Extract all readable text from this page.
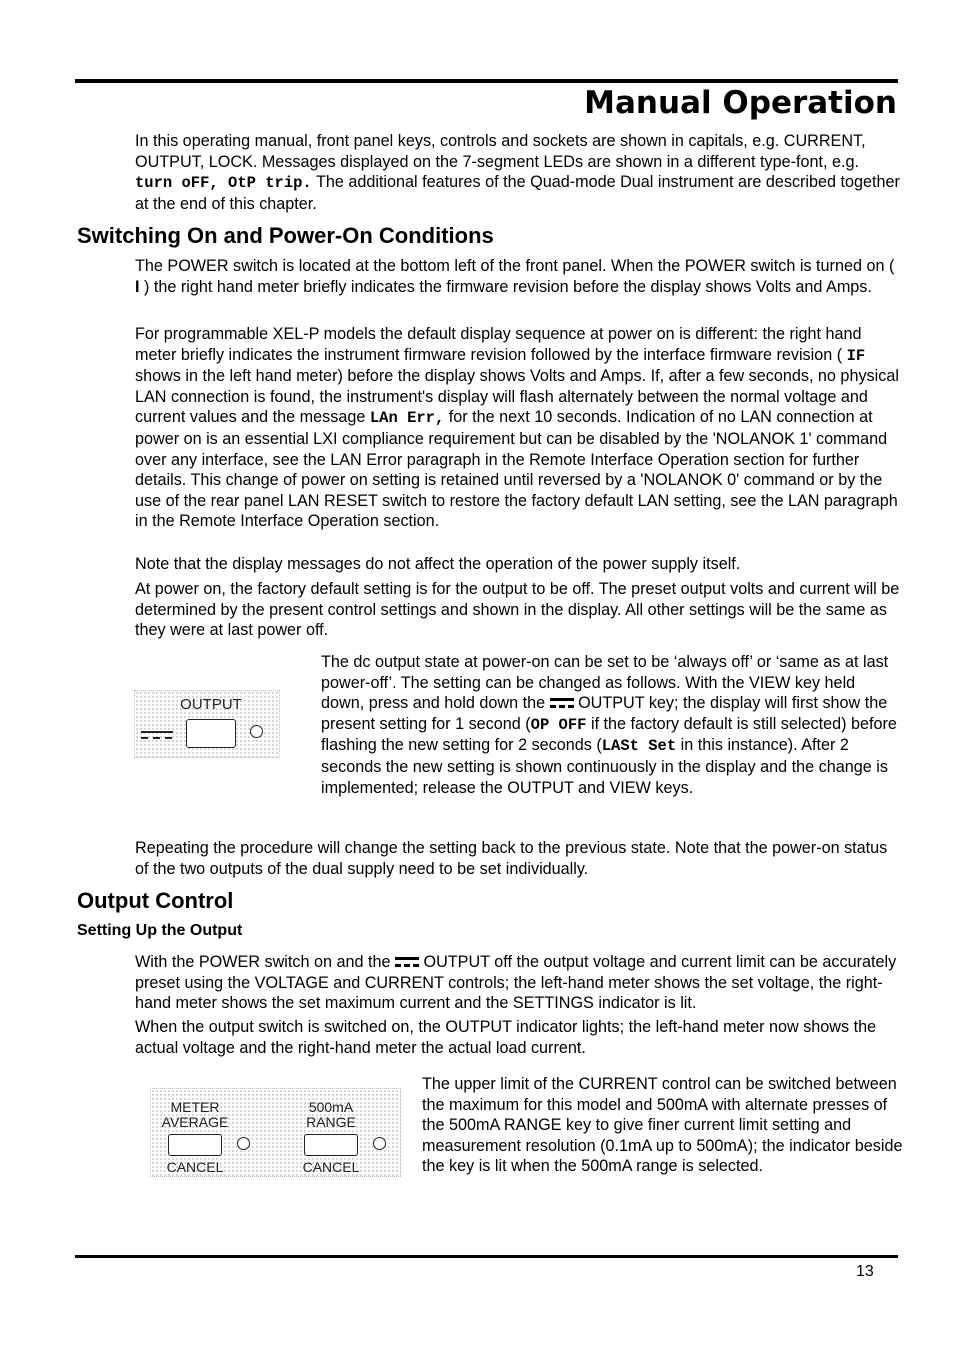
Manual Operation

In this operating manual, front panel keys, controls and sockets are shown in capitals, e.g. CURRENT, OUTPUT, LOCK. Messages displayed on the 7-segment LEDs are shown in a different type-font, e.g. turn oFF, OtP trip. The additional features of the Quad-mode Dual instrument are described together at the end of this chapter.

Switching On and Power-On Conditions

The POWER switch is located at the bottom left of the front panel. When the POWER switch is turned on ( I ) the right hand meter briefly indicates the firmware revision before the display shows Volts and Amps.

For programmable XEL-P models the default display sequence at power on is different: the right hand meter briefly indicates the instrument firmware revision followed by the interface firmware revision ( IF shows in the left hand meter) before the display shows Volts and Amps. If, after a few seconds, no physical LAN connection is found, the instrument's display will flash alternately between the normal voltage and current values and the message LAn Err, for the next 10 seconds. Indication of no LAN connection at power on is an essential LXI compliance requirement but can be disabled by the 'NOLANOK 1' command over any interface, see the LAN Error paragraph in the Remote Interface Operation section for further details. This change of power on setting is retained until reversed by a 'NOLANOK 0' command or by the use of the rear panel LAN RESET switch to restore the factory default LAN setting, see the LAN paragraph in the Remote Interface Operation section.

Note that the display messages do not affect the operation of the power supply itself.

At power on, the factory default setting is for the output to be off. The preset output volts and current will be determined by the present control settings and shown in the display. All other settings will be the same as they were at last power off.

OUTPUT

The dc output state at power-on can be set to be ‘always off’ or ‘same as at last power-off’. The setting can be changed as follows. With the VIEW key held down, press and hold down the
OUTPUT key; the display will first show the present setting for 1 second (OP OFF if the factory default is still selected) before flashing the new setting for 2 seconds (LASt Set in this instance). After 2 seconds the new setting is shown continuously in the display and the change is implemented; release the OUTPUT and VIEW keys.

Repeating the procedure will change the setting back to the previous state. Note that the power-on status of the two outputs of the dual supply need to be set individually.

Output Control
Setting Up the Output

With the POWER switch on and the
OUTPUT off the output voltage and current limit can be accurately preset using the VOLTAGE and CURRENT controls; the left-hand meter shows the set voltage, the right-hand meter shows the set maximum current and the SETTINGS indicator is lit.

When the output switch is switched on, the OUTPUT indicator lights; the left-hand meter now shows the actual voltage and the right-hand meter the actual load current.

METER
AVERAGE
CANCEL
500mA
RANGE
CANCEL

The upper limit of the CURRENT control can be switched between the maximum for this model and 500mA with alternate presses of the 500mA RANGE key to give finer current limit setting and measurement resolution (0.1mA up to 500mA); the indicator beside the key is lit when the 500mA range is selected.

13
